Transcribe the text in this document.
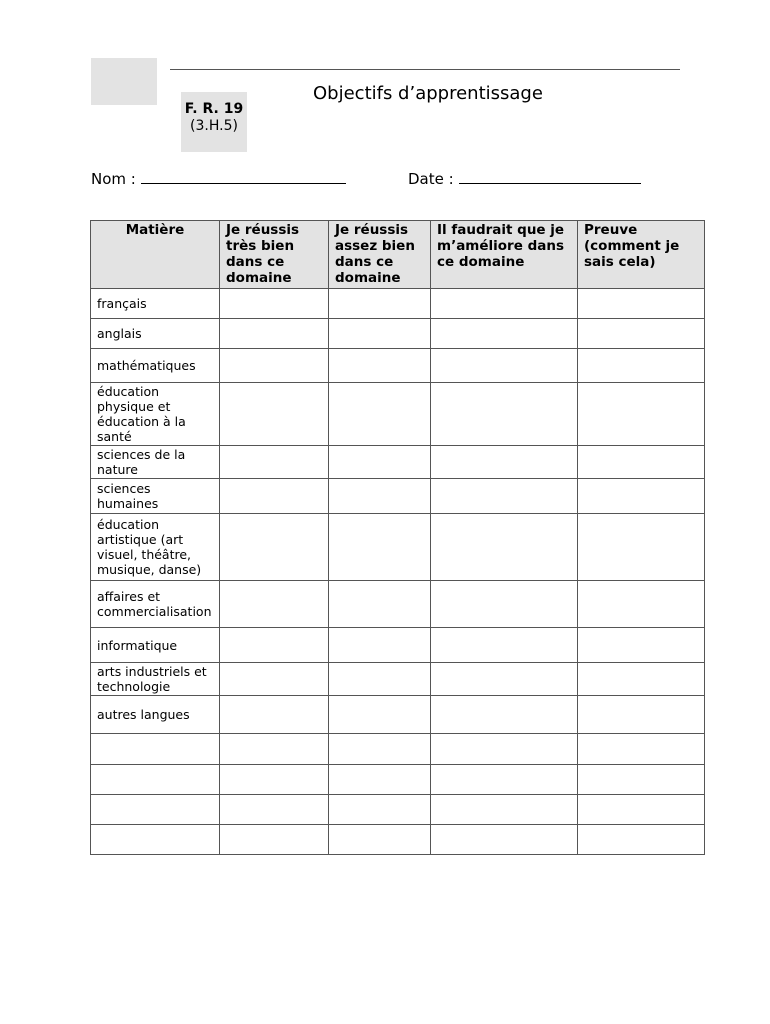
F. R. 19
(3.H.5)
Objectifs d’apprentissage
Nom :	Date :
Matière	Je réussis très bien dans ce domaine	Je réussis assez bien dans ce domaine	Il faudrait que je m’améliore dans ce domaine	Preuve (comment je sais cela)
français				
anglais				
mathématiques				
éducation physique et éducation à la santé				
sciences de la nature				
sciences humaines				
éducation artistique (art visuel, théâtre, musique, danse)				
affaires et commercialisation				
informatique				
arts industriels et technologie				
autres langues				
